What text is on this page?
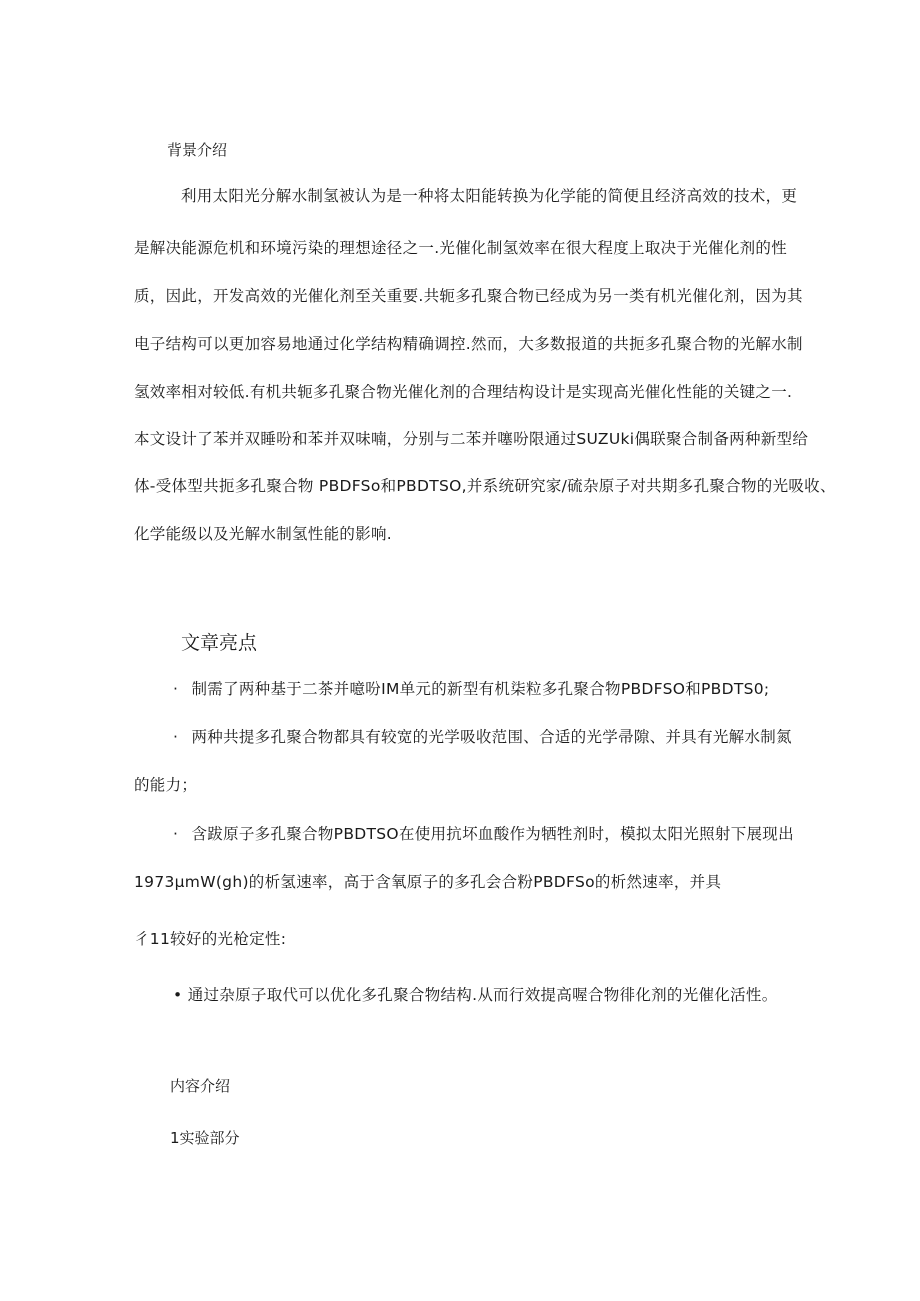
背景介绍
利用太阳光分解水制氢被认为是一种将太阳能转换为化学能的简便且经济高效的技术，更
是解决能源危机和环境污染的理想途径之一.光催化制氢效率在很大程度上取决于光催化剂的性
质，因此，开发高效的光催化剂至关重要.共轭多孔聚合物已经成为另一类有机光催化剂，因为其
电子结构可以更加容易地通过化学结构精确调控.然而，大多数报道的共扼多孔聚合物的光解水制
氢效率相对较低.有机共轭多孔聚合物光催化剂的合理结构设计是实现高光催化性能的关键之一.
本文设计了苯并双睡吩和苯并双味喃，分别与二苯并噻吩限通过SUZUki偶联聚合制备两种新型给
体-受体型共扼多孔聚合物 PBDFSo和PBDTSO,并系统研究家/硫杂原子对共期多孔聚合物的光吸收、
化学能级以及光解水制氢性能的影响.
文章亮点
· 制需了两种基于二茶并噫吩IM单元的新型有机柒粒多孔聚合物PBDFSO和PBDTS0;
· 两种共提多孔聚合物都具有较宽的光学吸收范围、合适的光学帚隙、并具有光解水制氮
的能力；
· 含跋原子多孔聚合物PBDTSO在使用抗坏血酸作为牺牲剂时，模拟太阳光照射下展现出
1973μmW(gh)的析氢速率，高于含氧原子的多孔会合粉PBDFSo的析然速率，并具
彳11较好的光枪定性:
• 通过杂原子取代可以优化多孔聚合物结构.从而行效提高喔合物徘化剂的光催化活性。
内容介绍
1实验部分
